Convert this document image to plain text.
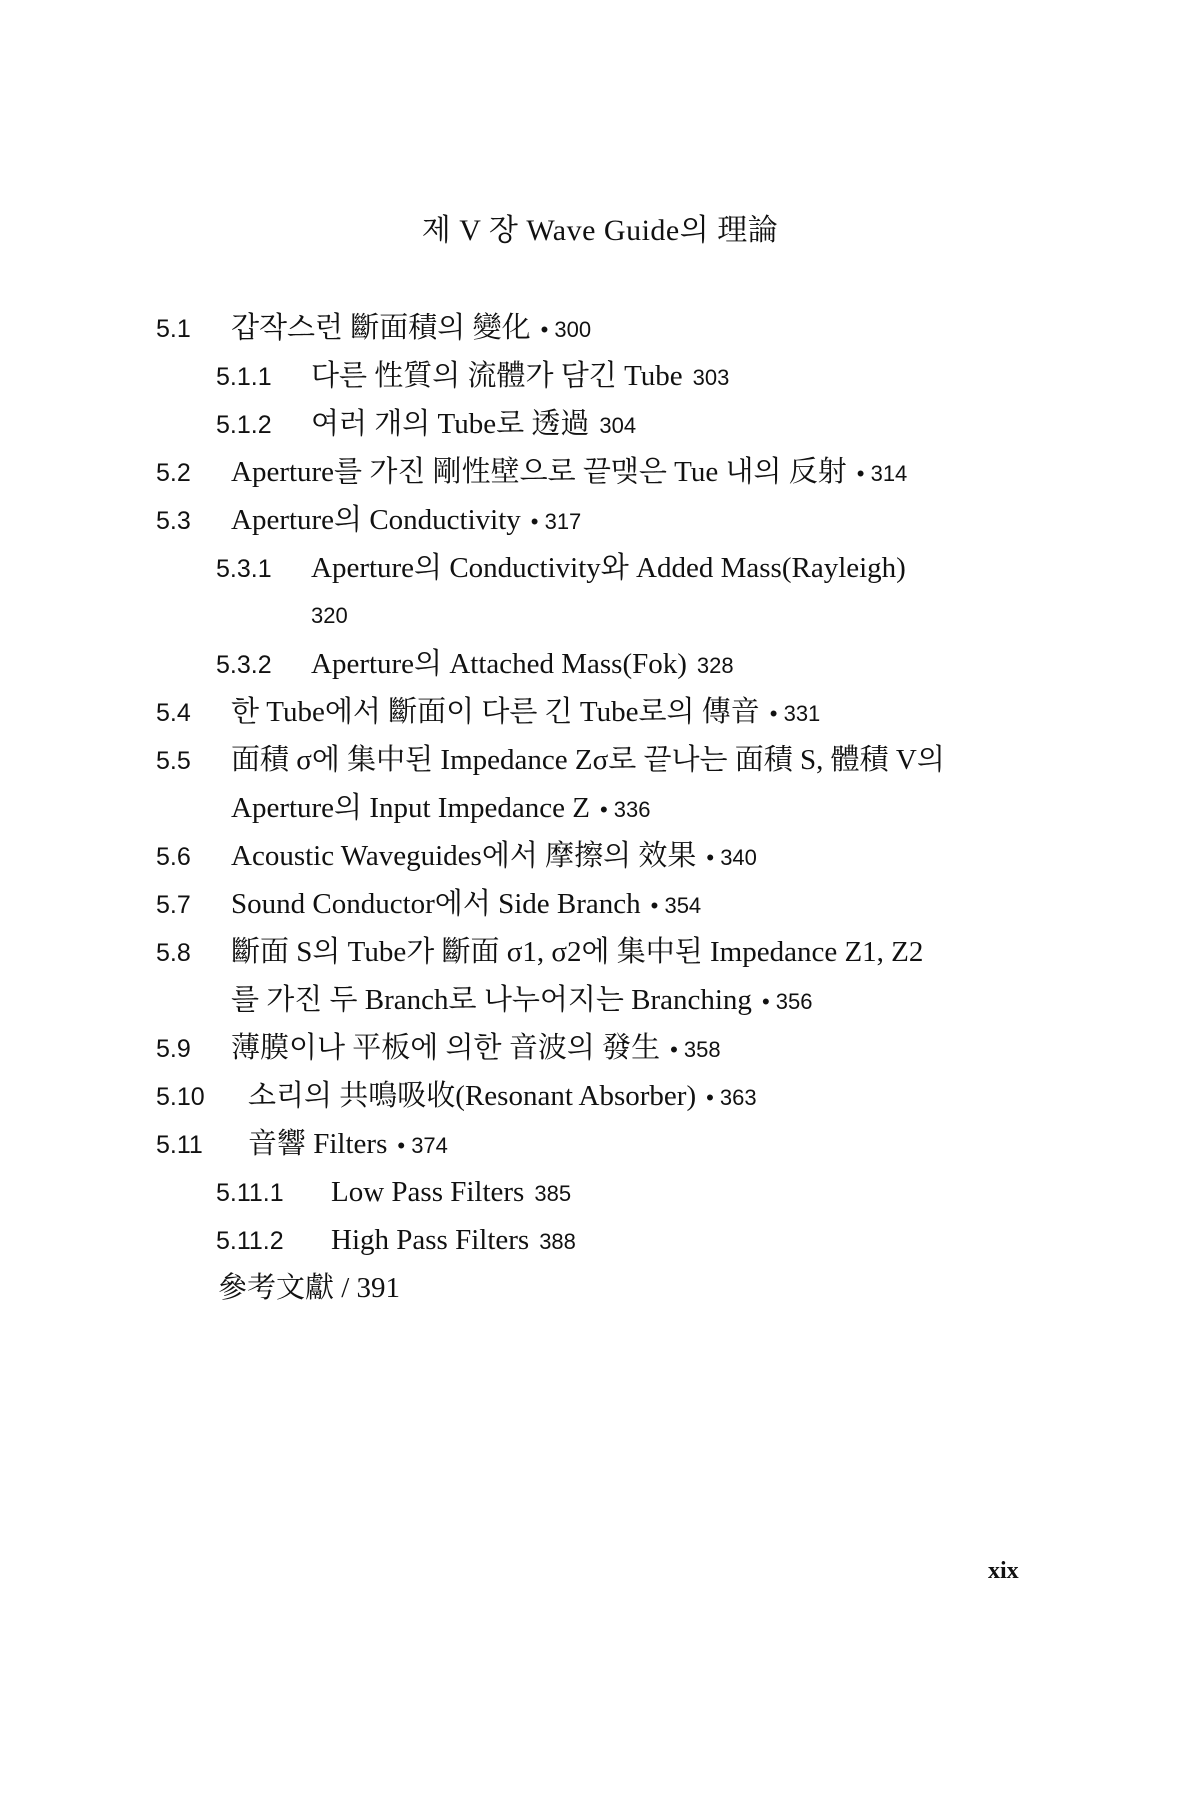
제 V 장 Wave Guide의 理論
5.1	갑작스런 斷面積의 變化 • 300
5.1.1	다른 性質의 流體가 담긴 Tube 303
5.1.2	여러 개의 Tube로 透過 304
5.2	Aperture를 가진 剛性壁으로 끝맺은 Tue 내의 反射 • 314
5.3	Aperture의 Conductivity • 317
5.3.1	Aperture의 Conductivity와 Added Mass(Rayleigh)
320
5.3.2	Aperture의 Attached Mass(Fok) 328
5.4	한 Tube에서 斷面이 다른 긴 Tube로의 傳音 • 331
5.5	面積 σ에 集中된 Impedance Zσ로 끝나는 面積 S, 體積 V의
Aperture의 Input Impedance Z • 336
5.6	Acoustic Waveguides에서 摩擦의 效果 • 340
5.7	Sound Conductor에서 Side Branch • 354
5.8	斷面 S의 Tube가 斷面 σ1, σ2에 集中된 Impedance Z1, Z2
를 가진 두 Branch로 나누어지는 Branching • 356
5.9	薄膜이나 平板에 의한 音波의 發生 • 358
5.10	소리의 共鳴吸收(Resonant Absorber) • 363
5.11	音響 Filters • 374
5.11.1	Low Pass Filters 385
5.11.2	High Pass Filters 388
參考文獻 / 391
xix
